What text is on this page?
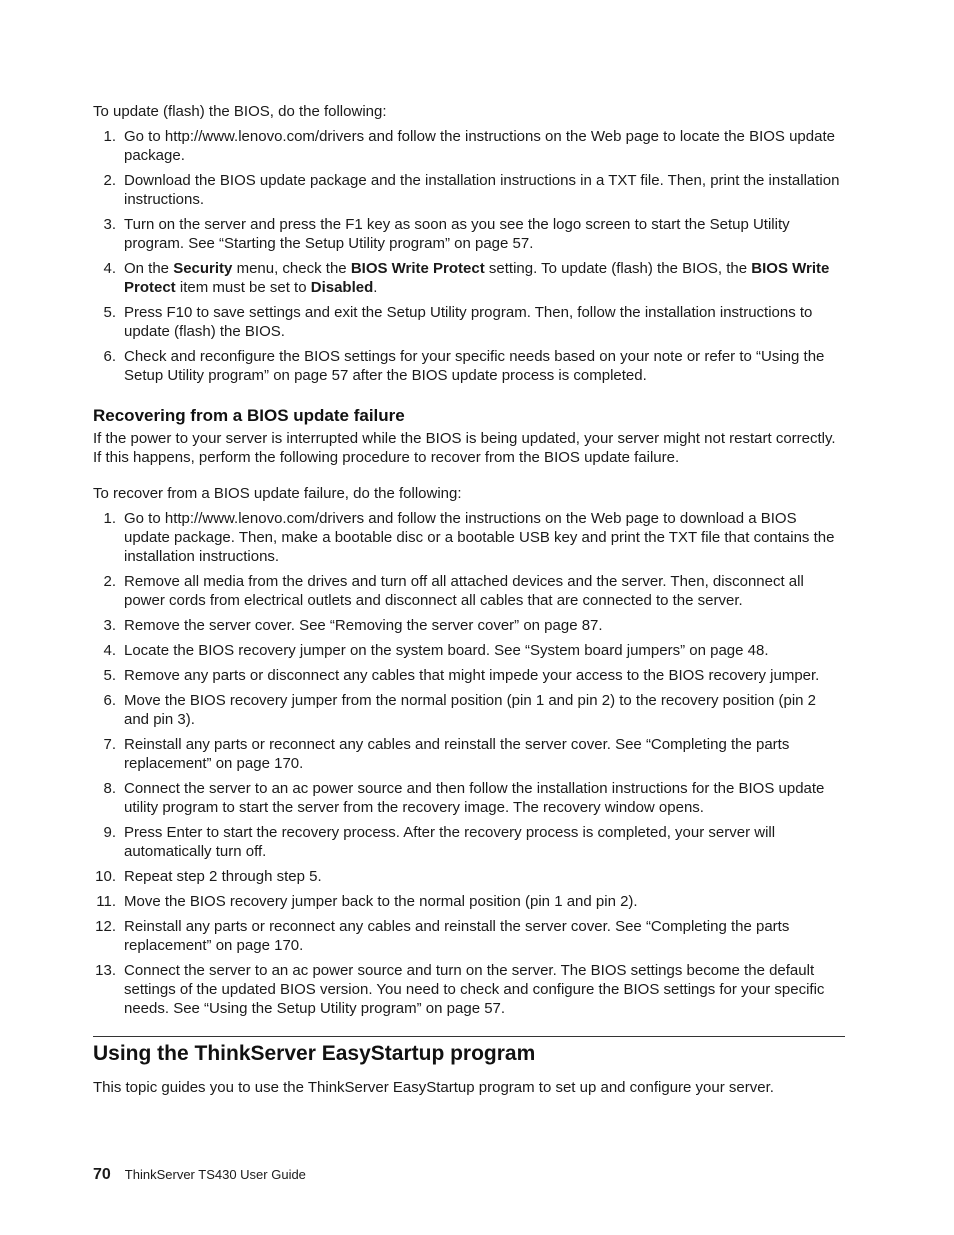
To update (flash) the BIOS, do the following:

1. Go to http://www.lenovo.com/drivers and follow the instructions on the Web page to locate the BIOS update package.
2. Download the BIOS update package and the installation instructions in a TXT file. Then, print the installation instructions.
3. Turn on the server and press the F1 key as soon as you see the logo screen to start the Setup Utility program. See “Starting the Setup Utility program” on page 57.
4. On the Security menu, check the BIOS Write Protect setting. To update (flash) the BIOS, the BIOS Write Protect item must be set to Disabled.
5. Press F10 to save settings and exit the Setup Utility program. Then, follow the installation instructions to update (flash) the BIOS.
6. Check and reconfigure the BIOS settings for your specific needs based on your note or refer to “Using the Setup Utility program” on page 57 after the BIOS update process is completed.
Recovering from a BIOS update failure

If the power to your server is interrupted while the BIOS is being updated, your server might not restart correctly. If this happens, perform the following procedure to recover from the BIOS update failure.

To recover from a BIOS update failure, do the following:

1. Go to http://www.lenovo.com/drivers and follow the instructions on the Web page to download a BIOS update package. Then, make a bootable disc or a bootable USB key and print the TXT file that contains the installation instructions.
2. Remove all media from the drives and turn off all attached devices and the server. Then, disconnect all power cords from electrical outlets and disconnect all cables that are connected to the server.
3. Remove the server cover. See “Removing the server cover” on page 87.
4. Locate the BIOS recovery jumper on the system board. See “System board jumpers” on page 48.
5. Remove any parts or disconnect any cables that might impede your access to the BIOS recovery jumper.
6. Move the BIOS recovery jumper from the normal position (pin 1 and pin 2) to the recovery position (pin 2 and pin 3).
7. Reinstall any parts or reconnect any cables and reinstall the server cover. See “Completing the parts replacement” on page 170.
8. Connect the server to an ac power source and then follow the installation instructions for the BIOS update utility program to start the server from the recovery image. The recovery window opens.
9. Press Enter to start the recovery process. After the recovery process is completed, your server will automatically turn off.
10. Repeat step 2 through step 5.
11. Move the BIOS recovery jumper back to the normal position (pin 1 and pin 2).
12. Reinstall any parts or reconnect any cables and reinstall the server cover. See “Completing the parts replacement” on page 170.
13. Connect the server to an ac power source and turn on the server. The BIOS settings become the default settings of the updated BIOS version. You need to check and configure the BIOS settings for your specific needs. See “Using the Setup Utility program” on page 57.
Using the ThinkServer EasyStartup program

This topic guides you to use the ThinkServer EasyStartup program to set up and configure your server.

70 ThinkServer TS430 User Guide
